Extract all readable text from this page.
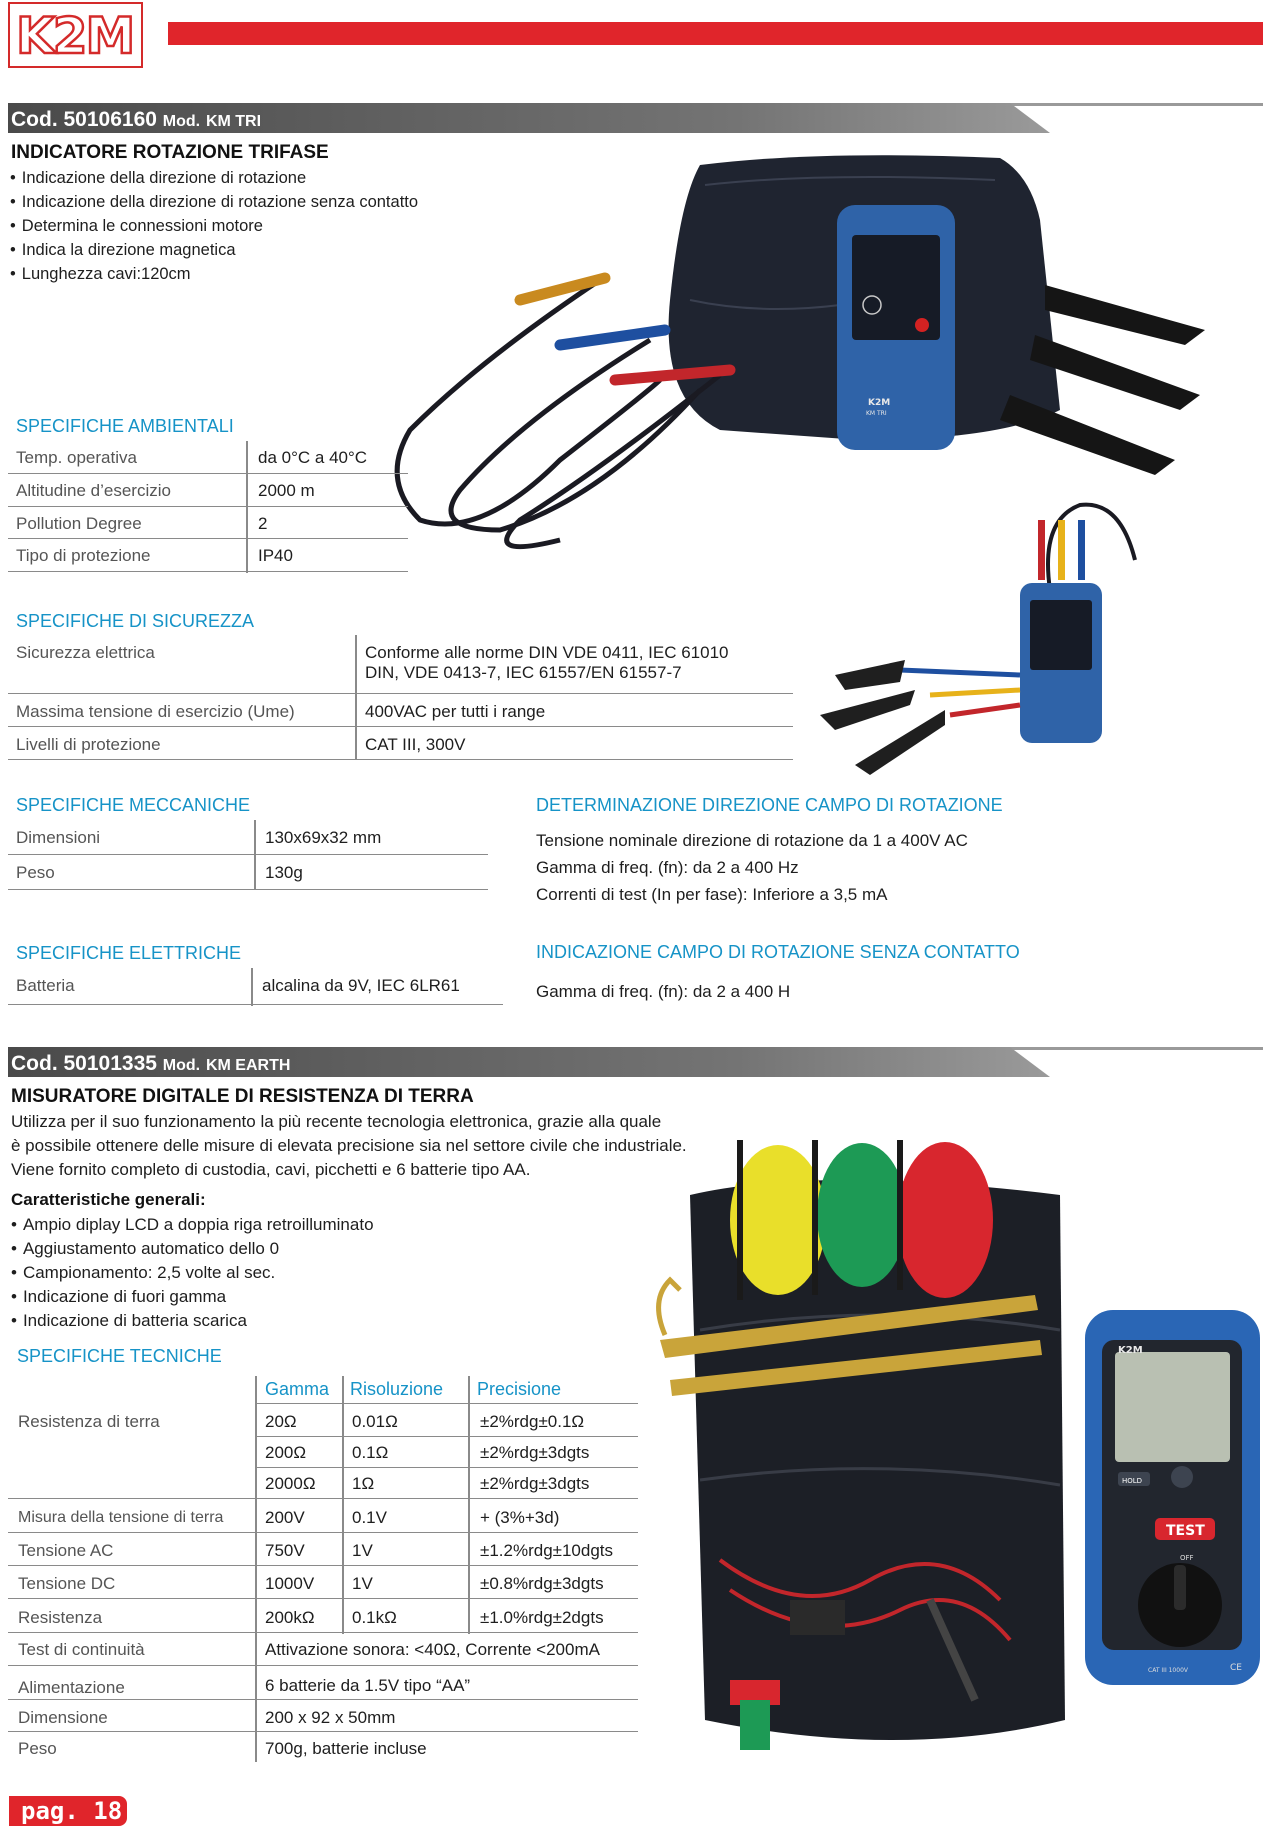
K2M
Cod. 50106160 Mod. KM TRI
INDICATORE ROTAZIONE TRIFASE
• Indicazione della direzione di rotazione
• Indicazione della direzione di rotazione senza contatto
• Determina le connessioni motore
• Indica la direzione magnetica
• Lunghezza cavi:120cm
K2M
KM TRI
SPECIFICHE AMBIENTALI
Temp. operativa	da 0°C a 40°C
Altitudine d’esercizio	2000 m
Pollution Degree	2
Tipo di protezione	IP40
SPECIFICHE DI SICUREZZA
Sicurezza elettrica	Conforme alle norme DIN VDE 0411, IEC 61010
DIN, VDE 0413-7, IEC 61557/EN 61557-7
Massima tensione di esercizio (Ume)	400VAC per tutti i range
Livelli di protezione	CAT III, 300V
SPECIFICHE MECCANICHE
Dimensioni	130x69x32 mm
Peso	130g
SPECIFICHE ELETTRICHE
Batteria	alcalina da 9V, IEC 6LR61
DETERMINAZIONE DIREZIONE CAMPO DI ROTAZIONE
Tensione nominale direzione di rotazione da 1 a 400V AC
Gamma di freq. (fn): da 2 a 400 Hz
Correnti di test (In per fase): Inferiore a 3,5 mA
INDICAZIONE CAMPO DI ROTAZIONE SENZA CONTATTO
Gamma di freq. (fn): da 2 a 400 H
Cod. 50101335 Mod. KM EARTH
MISURATORE DIGITALE DI RESISTENZA DI TERRA
Utilizza per il suo funzionamento la più recente tecnologia elettronica, grazie alla quale
è possibile ottenere delle misure di elevata precisione sia nel settore civile che industriale.
Viene fornito completo di custodia, cavi, picchetti e 6 batterie tipo AA.
Caratteristiche generali:
• Ampio diplay LCD a doppia riga retroilluminato
• Aggiustamento automatico dello 0
• Campionamento: 2,5 volte al sec.
• Indicazione di fuori gamma
• Indicazione di batteria scarica
K2M
HOLD
TEST
OFF
CAT III 1000V	CE
SPECIFICHE TECNICHE
Gamma Risoluzione Precisione
Resistenza di terra	20Ω	0.01Ω	±2%rdg±0.1Ω
200Ω	0.1Ω	±2%rdg±3dgts
2000Ω 1Ω	±2%rdg±3dgts
Misura della tensione di terra 200V	0.1V	+ (3%+3d)
Tensione AC	750V	1V	±1.2%rdg±10dgts
Tensione DC	1000V 1V	±0.8%rdg±3dgts
Resistenza	200kΩ 0.1kΩ	±1.0%rdg±2dgts
Test di continuità	Attivazione sonora: <40Ω, Corrente <200mA
Alimentazione	6 batterie da 1.5V tipo “AA”
Dimensione	200 x 92 x 50mm
Peso	700g, batterie incluse
pag. 18
